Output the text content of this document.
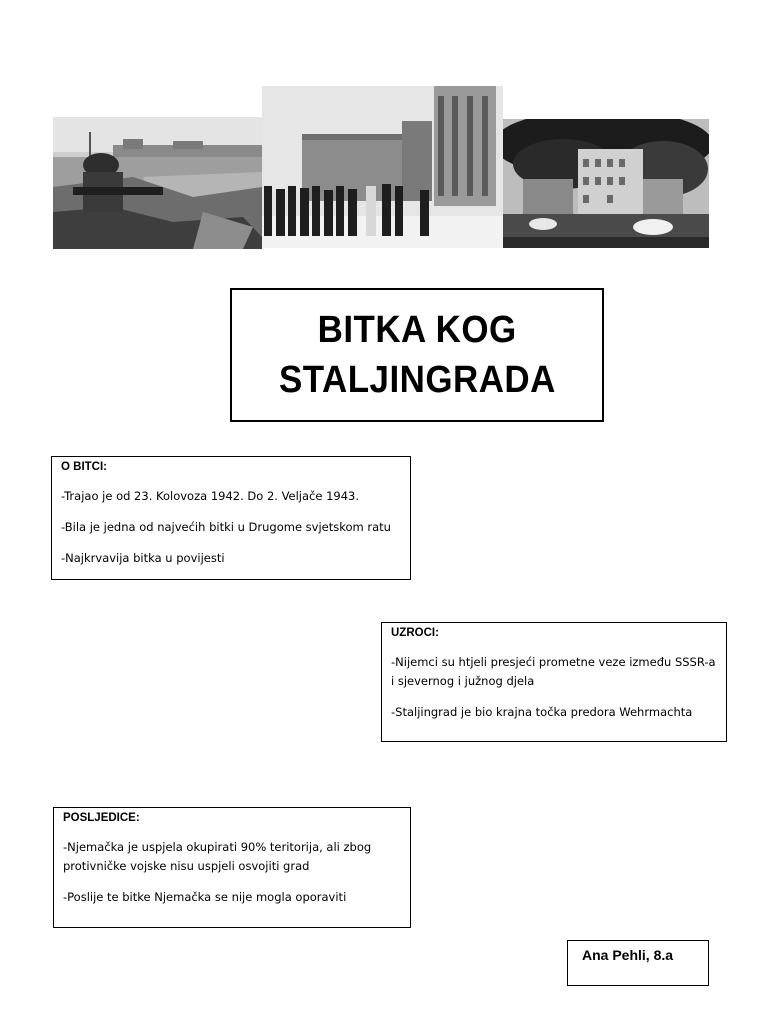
BITKA KOG
STALJINGRADA
O BITCI:

-Trajao je od 23. Kolovoza 1942. Do 2. Veljače 1943.

-Bila je jedna od najvećih bitki u Drugome svjetskom ratu

-Najkrvavija bitka u povijesti

UZROCI:

-Nijemci su htjeli presjeći prometne veze između SSSR-a i sjevernog i južnog djela

-Staljingrad je bio krajna točka predora Wehrmachta

POSLJEDICE:

-Njemačka je uspjela okupirati 90% teritorija, ali zbog protivničke vojske nisu uspjeli osvojiti grad

-Poslije te bitke Njemačka se nije mogla oporaviti

Ana Pehli, 8.a
